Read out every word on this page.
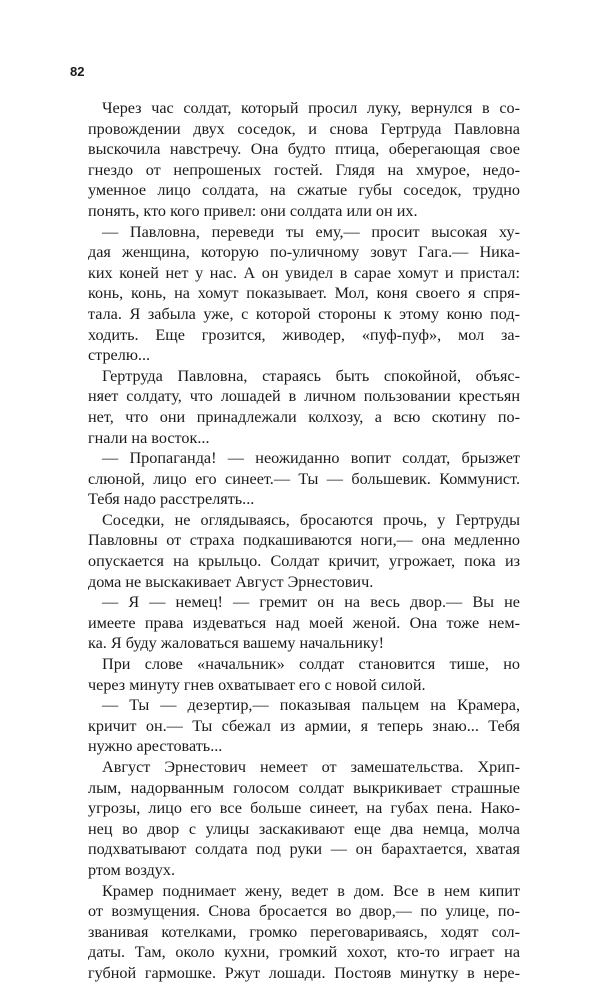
82
Через час солдат, который просил луку, вернулся в со-
провождении двух соседок, и снова Гертруда Павловна
выскочила навстречу. Она будто птица, оберегающая свое
гнездо от непрошеных гостей. Глядя на хмурое, недо-
уменное лицо солдата, на сжатые губы соседок, трудно
понять, кто кого привел: они солдата или он их.
— Павловна, переведи ты ему,— просит высокая ху-
дая женщина, которую по-уличному зовут Гага.— Ника-
ких коней нет у нас. А он увидел в сарае хомут и пристал:
конь, конь, на хомут показывает. Мол, коня своего я спря-
тала. Я забыла уже, с которой стороны к этому коню под-
ходить. Еще грозится, живодер, «пуф-пуф», мол за-
стрелю...
Гертруда Павловна, стараясь быть спокойной, объяс-
няет солдату, что лошадей в личном пользовании крестьян
нет, что они принадлежали колхозу, а всю скотину по-
гнали на восток...
— Пропаганда! — неожиданно вопит солдат, брызжет
слюной, лицо его синеет.— Ты — большевик. Коммунист.
Тебя надо расстрелять...
Соседки, не оглядываясь, бросаются прочь, у Гертруды
Павловны от страха подкашиваются ноги,— она медленно
опускается на крыльцо. Солдат кричит, угрожает, пока из
дома не выскакивает Август Эрнестович.
— Я — немец! — гремит он на весь двор.— Вы не
имеете права издеваться над моей женой. Она тоже нем-
ка. Я буду жаловаться вашему начальнику!
При слове «начальник» солдат становится тише, но
через минуту гнев охватывает его с новой силой.
— Ты — дезертир,— показывая пальцем на Крамера,
кричит он.— Ты сбежал из армии, я теперь знаю... Тебя
нужно арестовать...
Август Эрнестович немеет от замешательства. Хрип-
лым, надорванным голосом солдат выкрикивает страшные
угрозы, лицо его все больше синеет, на губах пена. Нако-
нец во двор с улицы заскакивают еще два немца, молча
подхватывают солдата под руки — он барахтается, хватая
ртом воздух.
Крамер поднимает жену, ведет в дом. Все в нем кипит
от возмущения. Снова бросается во двор,— по улице, по-
званивая котелками, громко переговариваясь, ходят сол-
даты. Там, около кухни, громкий хохот, кто-то играет на
губной гармошке. Ржут лошади. Постояв минутку в нере-
